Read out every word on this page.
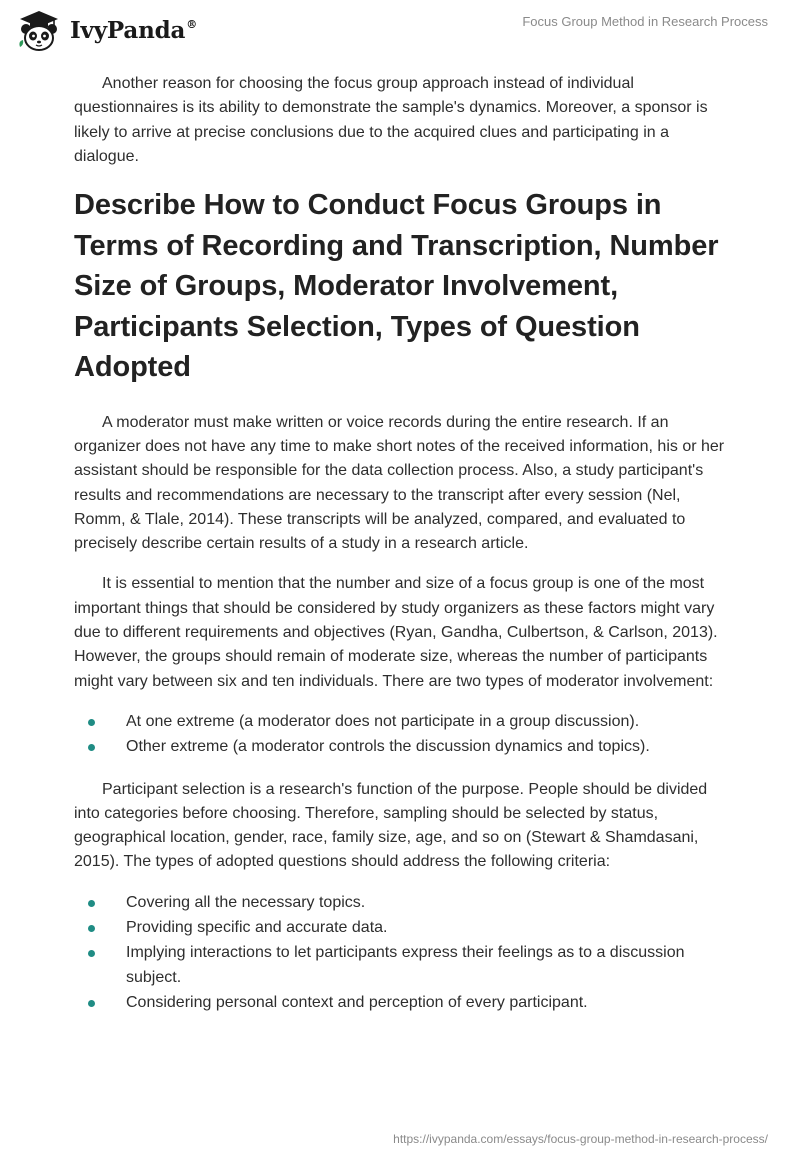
IvyPanda®	Focus Group Method in Research Process

Another reason for choosing the focus group approach instead of individual questionnaires is its ability to demonstrate the sample's dynamics. Moreover, a sponsor is likely to arrive at precise conclusions due to the acquired clues and participating in a dialogue.

Describe How to Conduct Focus Groups in Terms of Recording and Transcription, Number Size of Groups, Moderator Involvement, Participants Selection, Types of Question Adopted

A moderator must make written or voice records during the entire research. If an organizer does not have any time to make short notes of the received information, his or her assistant should be responsible for the data collection process. Also, a study participant's results and recommendations are necessary to the transcript after every session (Nel, Romm, & Tlale, 2014). These transcripts will be analyzed, compared, and evaluated to precisely describe certain results of a study in a research article.

It is essential to mention that the number and size of a focus group is one of the most important things that should be considered by study organizers as these factors might vary due to different requirements and objectives (Ryan, Gandha, Culbertson, & Carlson, 2013). However, the groups should remain of moderate size, whereas the number of participants might vary between six and ten individuals. There are two types of moderator involvement:

At one extreme (a moderator does not participate in a group discussion).
Other extreme (a moderator controls the discussion dynamics and topics).

Participant selection is a research's function of the purpose. People should be divided into categories before choosing. Therefore, sampling should be selected by status, geographical location, gender, race, family size, age, and so on (Stewart & Shamdasani, 2015). The types of adopted questions should address the following criteria:

Covering all the necessary topics.
Providing specific and accurate data.
Implying interactions to let participants express their feelings as to a discussion subject.
Considering personal context and perception of every participant.
https://ivypanda.com/essays/focus-group-method-in-research-process/
